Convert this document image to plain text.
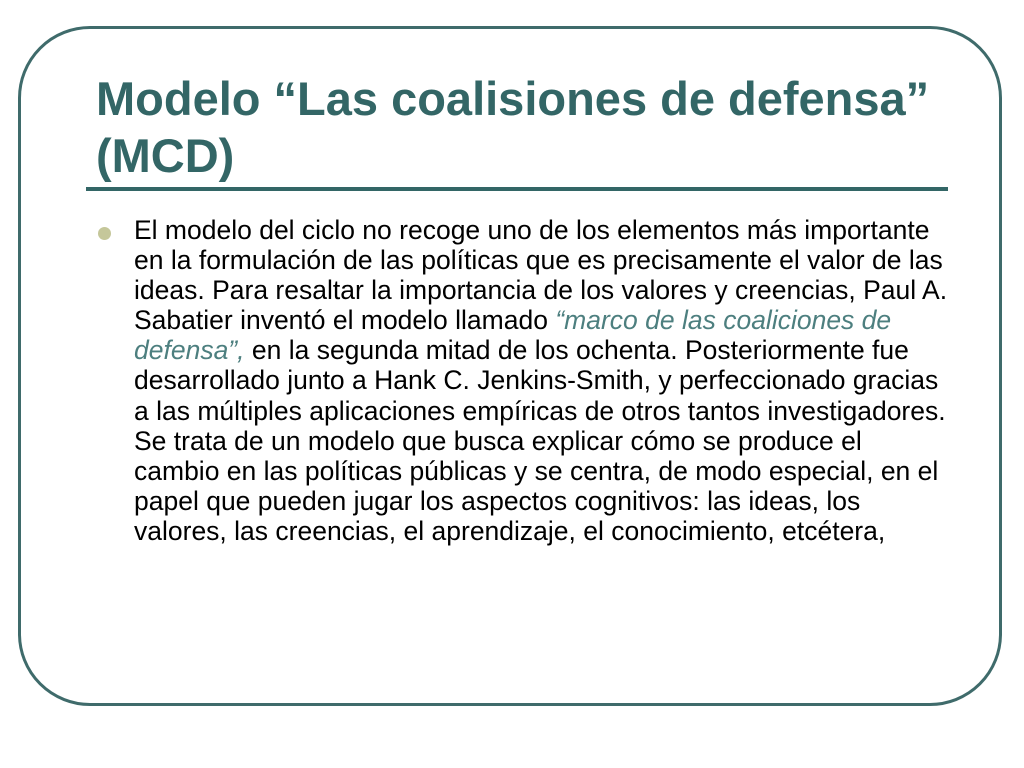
Modelo “Las coalisiones de defensa” (MCD)

El modelo del ciclo no recoge uno de los elementos más importante en la formulación de las políticas que es precisamente el valor de las ideas. Para resaltar la importancia de los valores y creencias, Paul A. Sabatier inventó el modelo llamado “marco de las coaliciones de defensa”, en la segunda mitad de los ochenta. Posteriormente fue desarrollado junto a Hank C. Jenkins-Smith, y perfeccionado gracias a las múltiples aplicaciones empíricas de otros tantos investigadores. Se trata de un modelo que busca explicar cómo se produce el cambio en las políticas públicas y se centra, de modo especial, en el papel que pueden jugar los aspectos cognitivos: las ideas, los valores, las creencias, el aprendizaje, el conocimiento, etcétera,
